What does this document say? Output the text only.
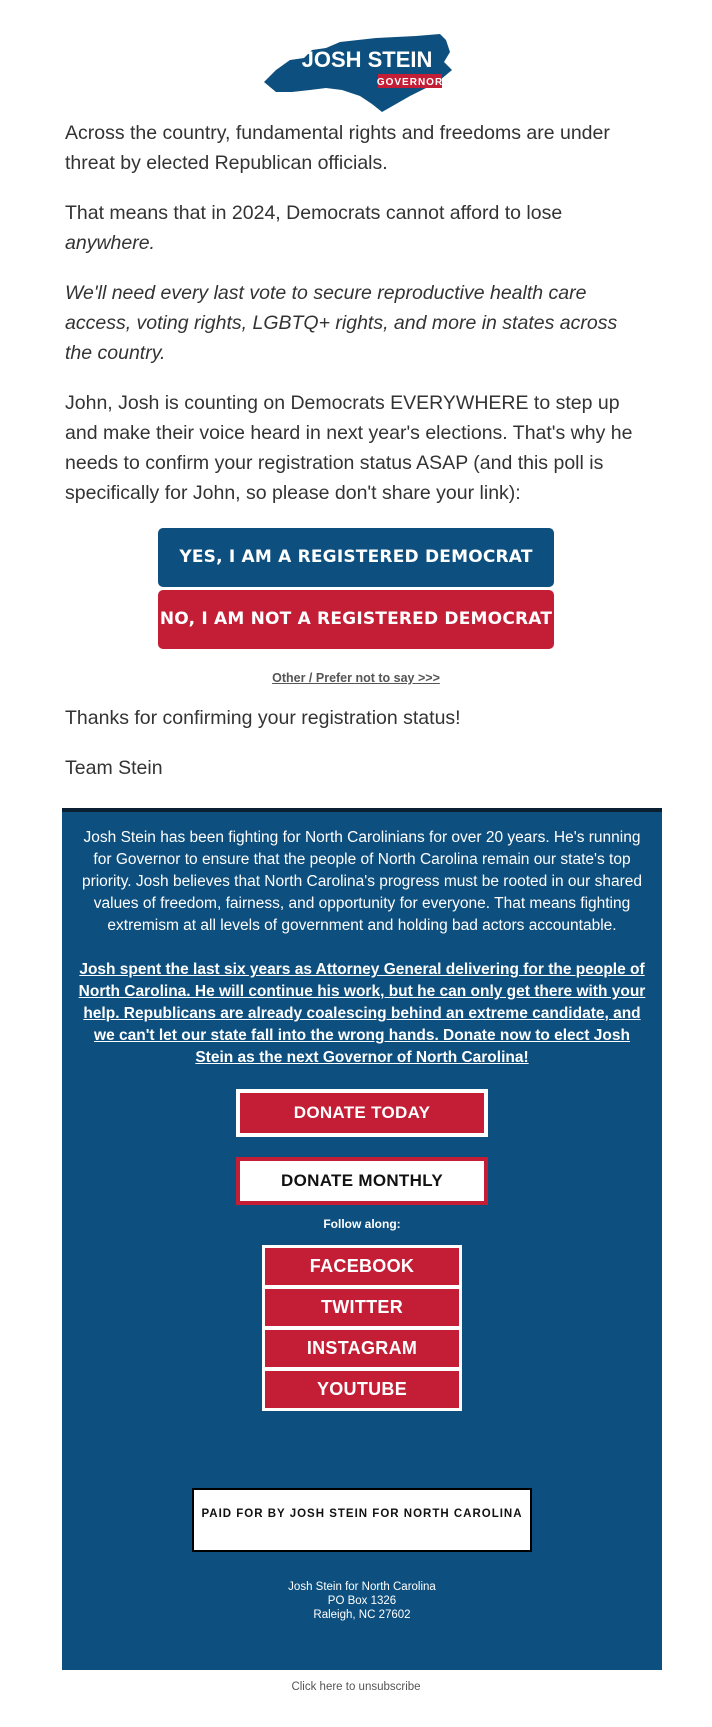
JOSH STEIN
GOVERNOR

Across the country, fundamental rights and freedoms are under threat by elected Republican officials.

That means that in 2024, Democrats cannot afford to lose anywhere.

We'll need every last vote to secure reproductive health care access, voting rights, LGBTQ+ rights, and more in states across the country.

John, Josh is counting on Democrats EVERYWHERE to step up and make their voice heard in next year's elections. That's why he needs to confirm your registration status ASAP (and this poll is specifically for John, so please don't share your link):

YES, I AM A REGISTERED DEMOCRAT
NO, I AM NOT A REGISTERED DEMOCRAT
Other / Prefer not to say >>>

Thanks for confirming your registration status!

Team Stein

Josh Stein has been fighting for North Carolinians for over 20 years. He's running for Governor to ensure that the people of North Carolina remain our state's top priority. Josh believes that North Carolina's progress must be rooted in our shared values of freedom, fairness, and opportunity for everyone. That means fighting extremism at all levels of government and holding bad actors accountable.

Josh spent the last six years as Attorney General delivering for the people of North Carolina. He will continue his work, but he can only get there with your help. Republicans are already coalescing behind an extreme candidate, and we can't let our state fall into the wrong hands. Donate now to elect Josh Stein as the next Governor of North Carolina!

DONATE TODAY
DONATE MONTHLY
Follow along:
FACEBOOK
TWITTER
INSTAGRAM
YOUTUBE
PAID FOR BY JOSH STEIN FOR NORTH CAROLINA
Josh Stein for North Carolina
PO Box 1326
Raleigh, NC 27602
Click here to unsubscribe
